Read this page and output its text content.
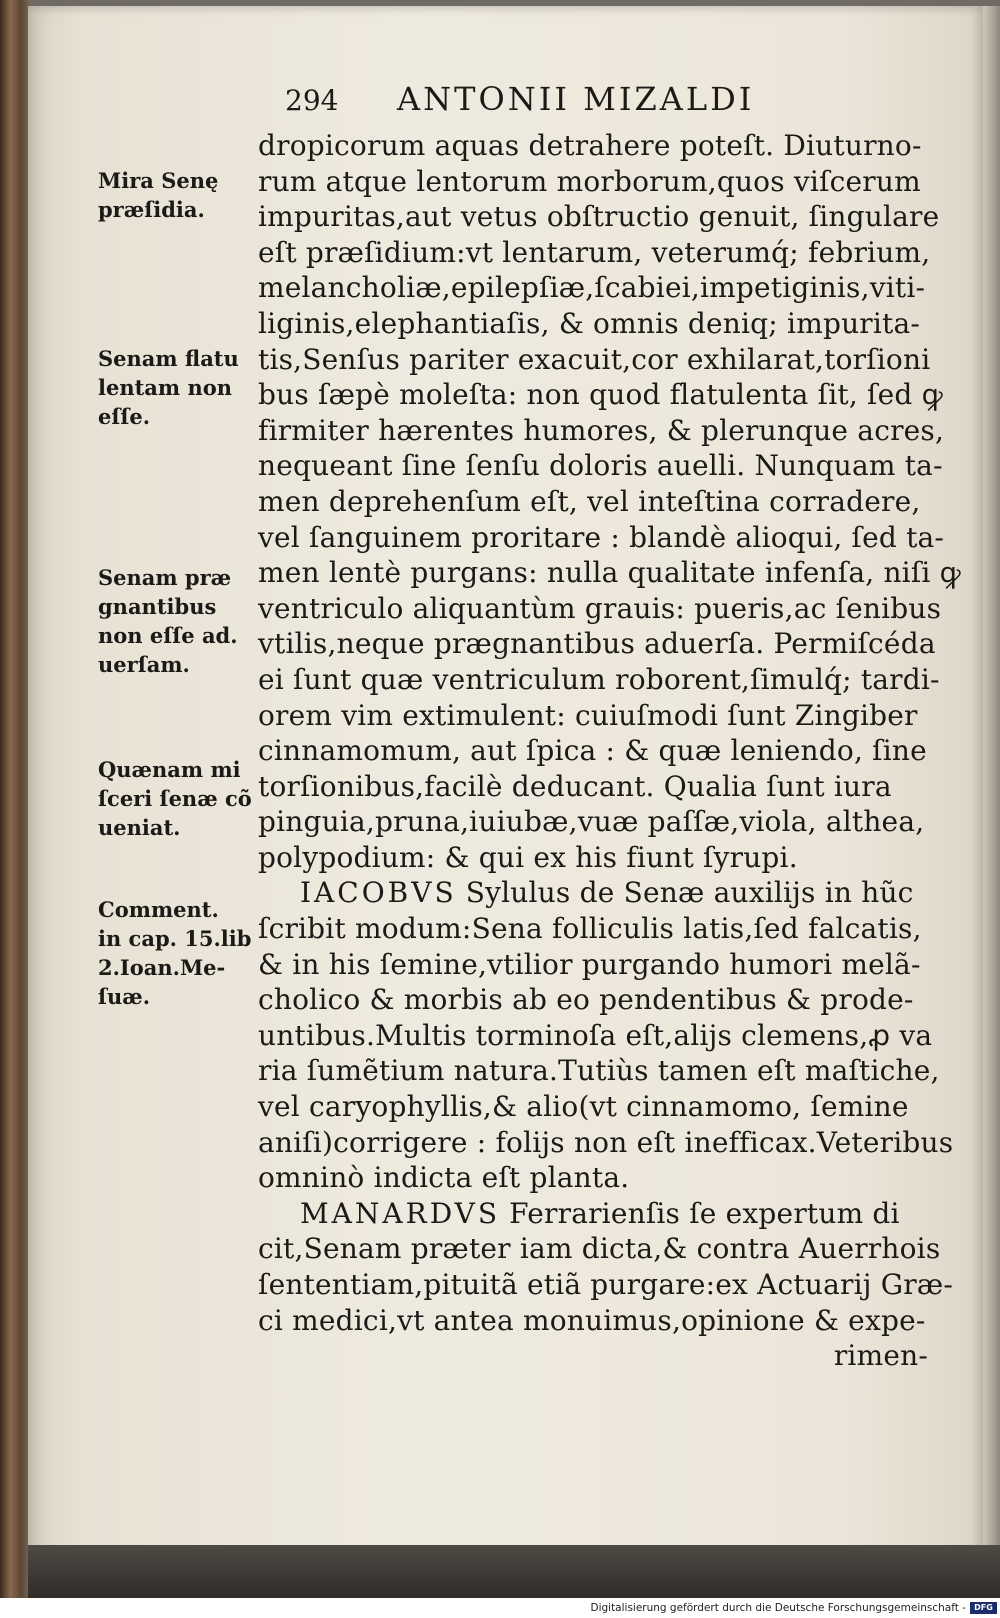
294 ANTONII MIZALDI
Mira Senę
præſidia.
Senam flatu
lentam non
eſſe.
Senam præ
gnantibus
non eſſe ad.
uerſam.
Quænam mi
ſceri ſenæ cõ
ueniat.
Comment.
in cap. 15.lib
2.Ioan.Me-
ſuæ.
dropicorum aquas detrahere poteſt. Diuturno-
rum atque lentorum morborum,quos viſcerum
impuritas,aut vetus obſtructio genuit, ſingulare
eſt præſidium:vt lentarum, veterumq́; febrium,
melancholiæ,epilepſiæ,ſcabiei,impetiginis,viti-
liginis,elephantiaſis, & omnis deniq; impurita-
tis,Senſus pariter exacuit,cor exhilarat,torſioni
bus ſæpè moleſta: non quod flatulenta ſit, ſed ꝙ
firmiter hærentes humores, & plerunque acres,
nequeant ſine ſenſu doloris auelli. Nunquam ta-
men deprehenſum eſt, vel inteſtina corradere,
vel ſanguinem proritare : blandè alioqui, ſed ta-
men lentè purgans: nulla qualitate infenſa, niſi ꝙ
ventriculo aliquantùm grauis: pueris,ac ſenibus
vtilis,neque prægnantibus aduerſa. Permiſcéda
ei ſunt quæ ventriculum roborent,ſimulq́; tardi-
orem vim extimulent: cuiuſmodi ſunt Zingiber
cinnamomum, aut ſpica : & quæ leniendo, ſine
torſionibus,facilè deducant. Qualia ſunt iura
pinguia,pruna,iuiubæ,vuæ paſſæ,viola, althea,
polypodium: & qui ex his fiunt ſyrupi.
IACOBVS Sylulus de Senæ auxilijs in hũc
ſcribit modum:Sena folliculis latis,ſed falcatis,
& in his ſemine,vtilior purgando humori melã-
cholico & morbis ab eo pendentibus & prode-
untibus.Multis torminoſa eſt,alijs clemens,ꝓ va
ria ſumẽtium natura.Tutiùs tamen eſt maſtiche,
vel caryophyllis,& alio(vt cinnamomo, ſemine
aniſi)corrigere : folijs non eſt inefficax.Veteribus
omninò indicta eſt planta.
MANARDVS Ferrarienſis ſe expertum di
cit,Senam præter iam dicta,& contra Auerrhois
ſententiam,pituitã etiã purgare:ex Actuarij Græ-
ci medici,vt antea monuimus,opinione & expe-
rimen-
Digitalisierung gefördert durch die Deutsche Forschungsgemeinschaft - DFG
